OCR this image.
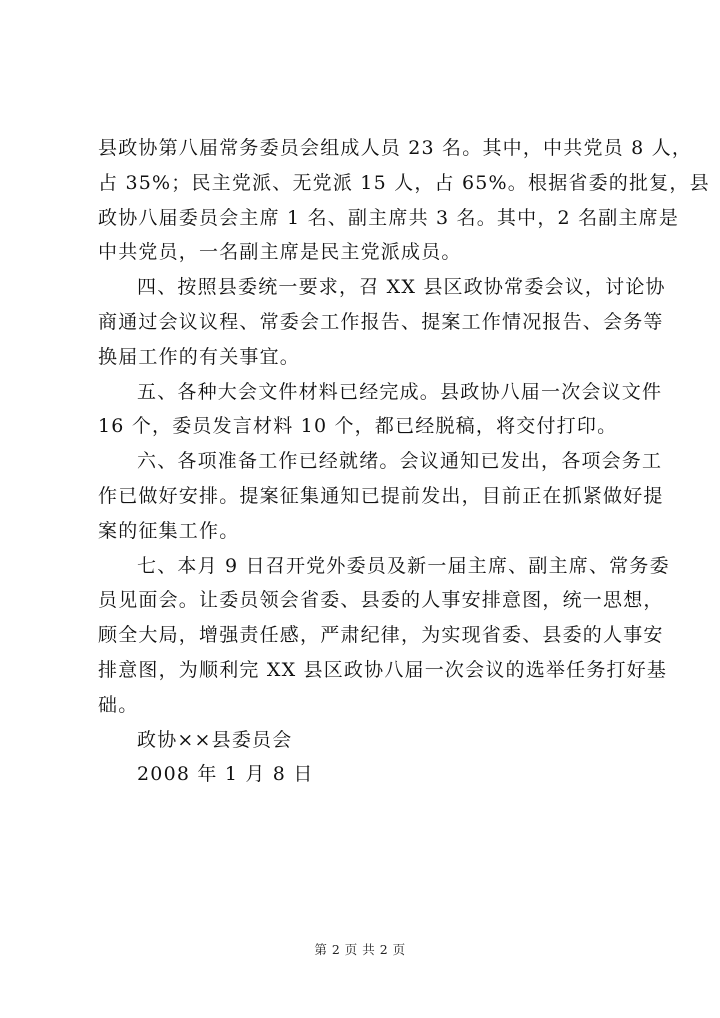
县政协第八届常务委员会组成人员 23 名。其中，中共党员 8 人，
占 35%；民主党派、无党派 15 人，占 65%。根据省委的批复，县
政协八届委员会主席 1 名、副主席共 3 名。其中，2 名副主席是
中共党员，一名副主席是民主党派成员。
四、按照县委统一要求，召 XX 县区政协常委会议，讨论协
商通过会议议程、常委会工作报告、提案工作情况报告、会务等
换届工作的有关事宜。
五、各种大会文件材料已经完成。县政协八届一次会议文件
16 个，委员发言材料 10 个，都已经脱稿，将交付打印。
六、各项准备工作已经就绪。会议通知已发出，各项会务工
作已做好安排。提案征集通知已提前发出，目前正在抓紧做好提
案的征集工作。
七、本月 9 日召开党外委员及新一届主席、副主席、常务委
员见面会。让委员领会省委、县委的人事安排意图，统一思想，
顾全大局，增强责任感，严肃纪律，为实现省委、县委的人事安
排意图，为顺利完 XX 县区政协八届一次会议的选举任务打好基
础。
政协××县委员会
2008 年 1 月 8 日
第 2 页 共 2 页
